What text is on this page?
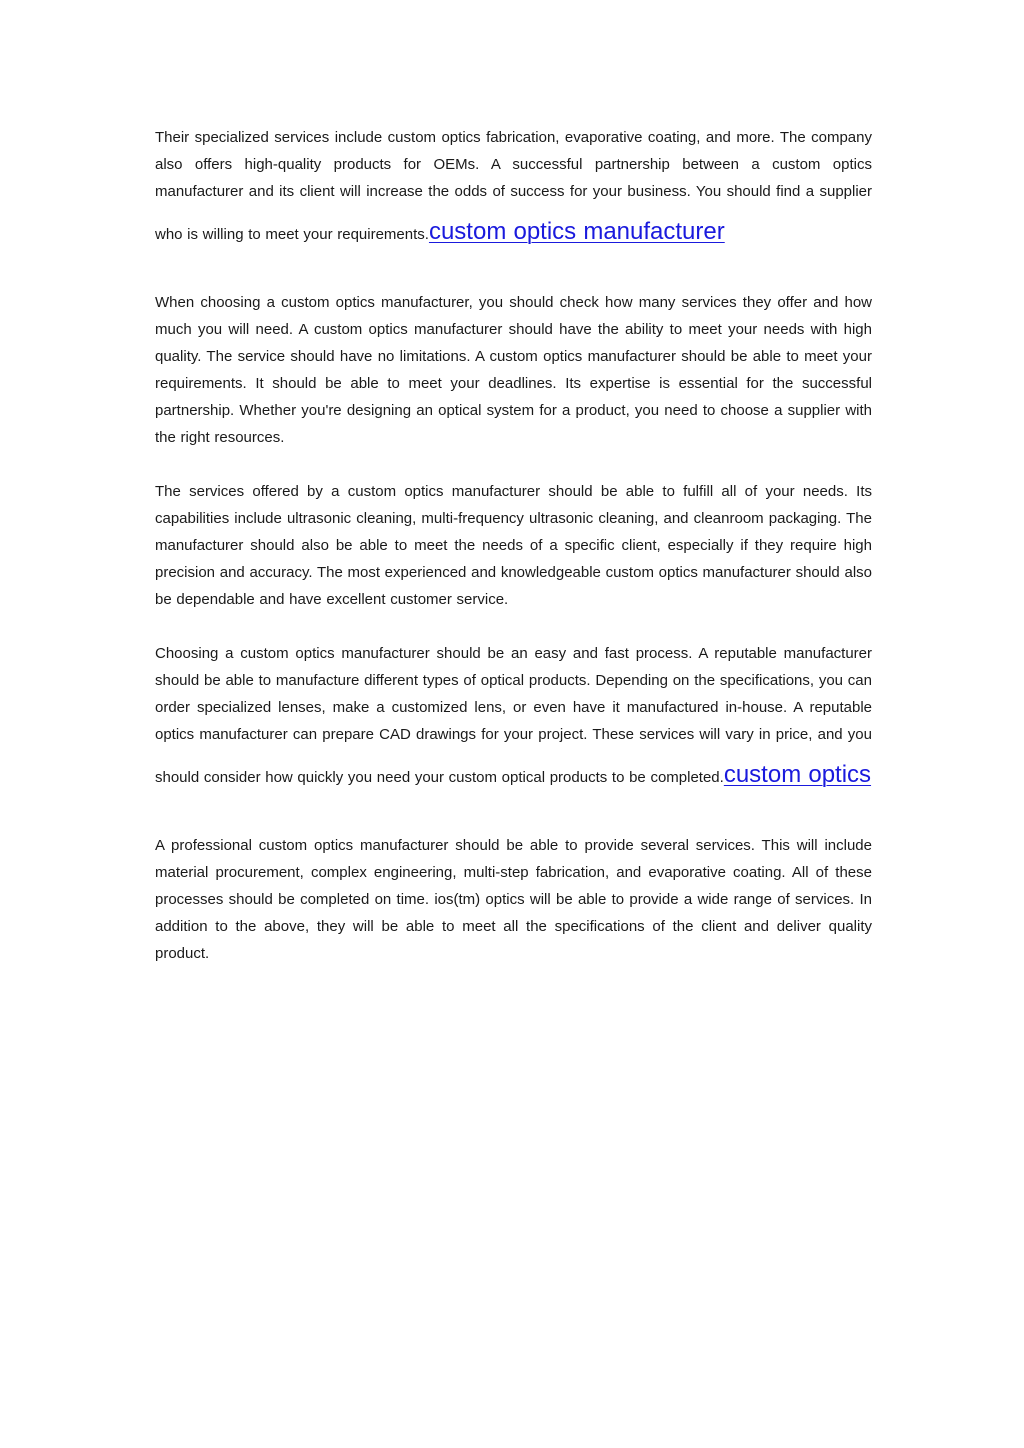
Their specialized services include custom optics fabrication, evaporative coating, and more. The company also offers high-quality products for OEMs. A successful partnership between a custom optics manufacturer and its client will increase the odds of success for your business. You should find a supplier who is willing to meet your requirements.custom optics manufacturer

When choosing a custom optics manufacturer, you should check how many services they offer and how much you will need. A custom optics manufacturer should have the ability to meet your needs with high quality. The service should have no limitations. A custom optics manufacturer should be able to meet your requirements. It should be able to meet your deadlines. Its expertise is essential for the successful partnership. Whether you're designing an optical system for a product, you need to choose a supplier with the right resources.

The services offered by a custom optics manufacturer should be able to fulfill all of your needs. Its capabilities include ultrasonic cleaning, multi-frequency ultrasonic cleaning, and cleanroom packaging. The manufacturer should also be able to meet the needs of a specific client, especially if they require high precision and accuracy. The most experienced and knowledgeable custom optics manufacturer should also be dependable and have excellent customer service.

Choosing a custom optics manufacturer should be an easy and fast process. A reputable manufacturer should be able to manufacture different types of optical products. Depending on the specifications, you can order specialized lenses, make a customized lens, or even have it manufactured in-house. A reputable optics manufacturer can prepare CAD drawings for your project. These services will vary in price, and you should consider how quickly you need your custom optical products to be completed.custom optics

A professional custom optics manufacturer should be able to provide several services. This will include material procurement, complex engineering, multi-step fabrication, and evaporative coating. All of these processes should be completed on time. ios(tm) optics will be able to provide a wide range of services. In addition to the above, they will be able to meet all the specifications of the client and deliver quality product.
